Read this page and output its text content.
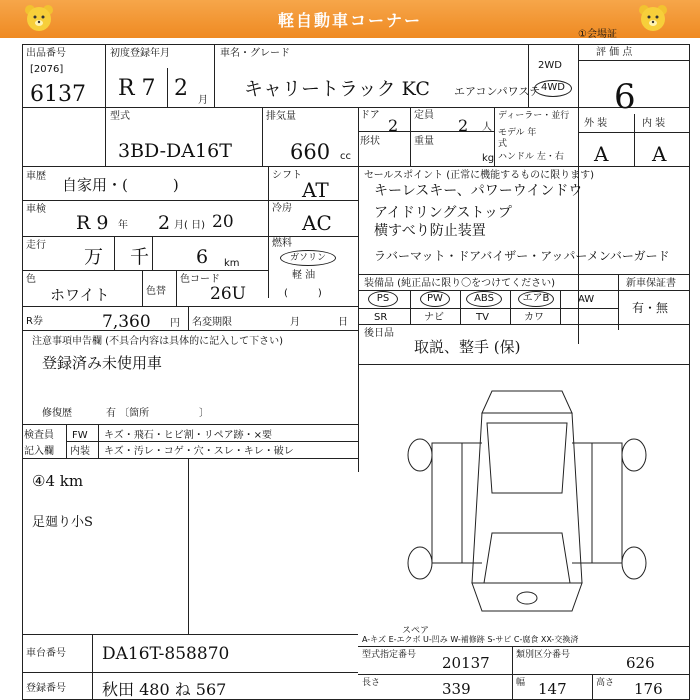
軽自動車コーナー
①会場証
出品番号
[2076]
6137
初度登録年月
R 7 2 月
車名・グレード
キャリートラック KC エアコンパワステ
2WD
4WD
評 価 点
6
型式
3BD-DA16T
排気量
660 cc
ドア
2
定員
2 人
形状	重量
kg
ディーラー・並行
モデル 年式
ハンドル 左・右
外 装	内 装
A A
車歴 自家用・(　　　)
シフト
AT
車検
R 9 年 2 月( 日) 20
冷房
AC
走行
万 千 6 km
燃料
ガソリン
軽 油
(　　　)
色
ホワイト	色替
色コード
26U
R券	7,360 円 名変期限	月	日
セールスポイント (正常に機能するものに限ります)
キーレスキー、パワーウインドウ
アイドリングストップ
横すべり防止装置
ラバーマット・ドアバイザー・アッパーメンバーガード
装備品 (純正品に限り〇をつけてください)	新車保証書
PS	PW	ABS	エアB	AW
SR	ナビ	TV	カワ
有・無
後日品
取説、整手 (保)
注意事項申告欄 (不具合内容は具体的に記入して下さい)
登録済み未使用車
修復歴	有 〔箇所　　　　　〕
検査員
記入欄
FW
内装
キズ・飛石・ヒビ割・リペア跡・×要
キズ・汚レ・コゲ・穴・スレ・キレ・破レ
④4 km
足廻り小S
スペア
A-キズ E-エクボ U-凹み W-補修跡 S-サビ C-腐食 XX-交換済
車台番号 DA16T-858870
登録番号 秋田 480 ね 567
型式指定番号 20137	類別区分番号	626
長さ	339	幅 147	高さ 176
